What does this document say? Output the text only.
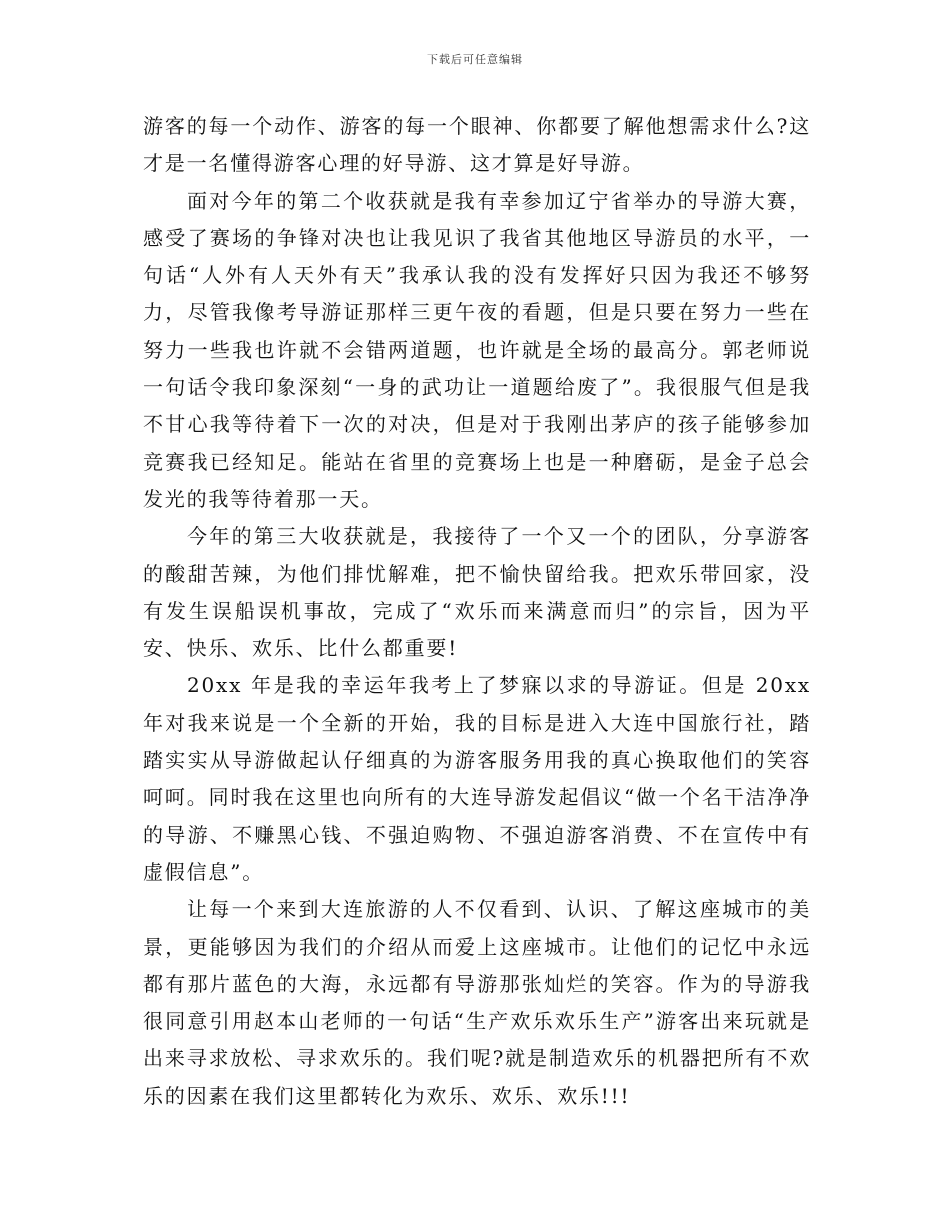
下载后可任意编辑

游客的每一个动作、游客的每一个眼神、你都要了解他想需求什么?这才是一名懂得游客心理的好导游、这才算是好导游。

面对今年的第二个收获就是我有幸参加辽宁省举办的导游大赛，感受了赛场的争锋对决也让我见识了我省其他地区导游员的水平，一句话“人外有人天外有天”我承认我的没有发挥好只因为我还不够努力，尽管我像考导游证那样三更午夜的看题，但是只要在努力一些在努力一些我也许就不会错两道题，也许就是全场的最高分。郭老师说一句话令我印象深刻“一身的武功让一道题给废了”。我很服气但是我不甘心我等待着下一次的对决，但是对于我刚出茅庐的孩子能够参加竞赛我已经知足。能站在省里的竞赛场上也是一种磨砺，是金子总会发光的我等待着那一天。

今年的第三大收获就是，我接待了一个又一个的团队，分享游客的酸甜苦辣，为他们排忧解难，把不愉快留给我。把欢乐带回家，没有发生误船误机事故，完成了“欢乐而来满意而归”的宗旨，因为平安、快乐、欢乐、比什么都重要!

20xx 年是我的幸运年我考上了梦寐以求的导游证。但是 20xx 年对我来说是一个全新的开始，我的目标是进入大连中国旅行社，踏踏实实从导游做起认仔细真的为游客服务用我的真心换取他们的笑容呵呵。同时我在这里也向所有的大连导游发起倡议“做一个名干洁净净的导游、不赚黑心钱、不强迫购物、不强迫游客消费、不在宣传中有虚假信息”。

让每一个来到大连旅游的人不仅看到、认识、了解这座城市的美景，更能够因为我们的介绍从而爱上这座城市。让他们的记忆中永远都有那片蓝色的大海，永远都有导游那张灿烂的笑容。作为的导游我很同意引用赵本山老师的一句话“生产欢乐欢乐生产”游客出来玩就是出来寻求放松、寻求欢乐的。我们呢?就是制造欢乐的机器把所有不欢乐的因素在我们这里都转化为欢乐、欢乐、欢乐!!!
